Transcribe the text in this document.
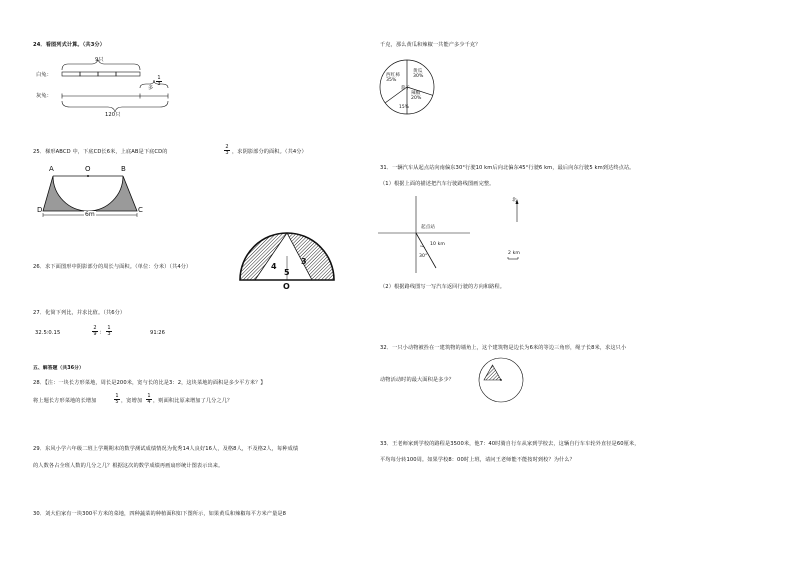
24．看图列式计算。（共3分）
白兔：
灰兔：
9只
多
$\frac{1}{3}$
120只
25．梯形ABCD 中，下底CD长6米，上底AB是下底CD的	$\frac{2}{3}$ ，求阴影部分的面积。（共4分）
A	O	B
D	C
6m
26．求下面图形中阴影部分的周长与面积。（单位：分米）（共4分）	4
5
3
O
27．化简下列比，并求比值。（共6分）
32.5∶0.15	$\frac{2}{9}$ ∶ $\frac{1}{3}$	91∶26
五、解答题（共36分）
28．【注：一块长方形菜地，周长是200米，宽与长的比是3：2，这块菜地的面积是多少平方米？】
将上题长方形菜地的长增加	$\frac{1}{5}$ ，宽增加 $\frac{1}{4}$ ，则面积比原来增加了几分之几？
29．东风小学六年级二班上学期期末的数学测试成绩情况为优秀14人良好16人，及格8人，不及格2人，每种成绩
的人数各占全班人数的几分之几？根据这次的数学成绩再画扇形统计图表示出来。
30．刘大伯家有一块300平方米的菜地，四种蔬菜的种植面积如下图所示，如果黄瓜和辣椒每平方米产量是8
千克，那么黄瓜和辣椒一共能产多少千克？
西红柿
35%
黄瓜
30%
辣椒
20%
茄子
15%
31．一辆汽车从起点站向南偏东30°行驶10 km后向北偏东45°行驶6 km，最后向东行驶5 km到达终点站。
（1）根据上面的描述把汽车行驶路线图画完整。
起点站
10 km
30°
北
2 km
（2）根据路线图写一写汽车返回行驶的方向和路程。
32．一只小动物被拴在一建筑物的墙角上，这个建筑物是边长为6米的等边三角形，绳子长8米，求这只小
动物活动时的最大面积是多少？
33．王老师家到学校的路程是3500米，他7：40时骑自行车从家到学校去，这辆自行车车轮外直径是60厘米，
平均每分转100周。如果学校8：00时上班，请问王老师能不能按时到校？为什么？
